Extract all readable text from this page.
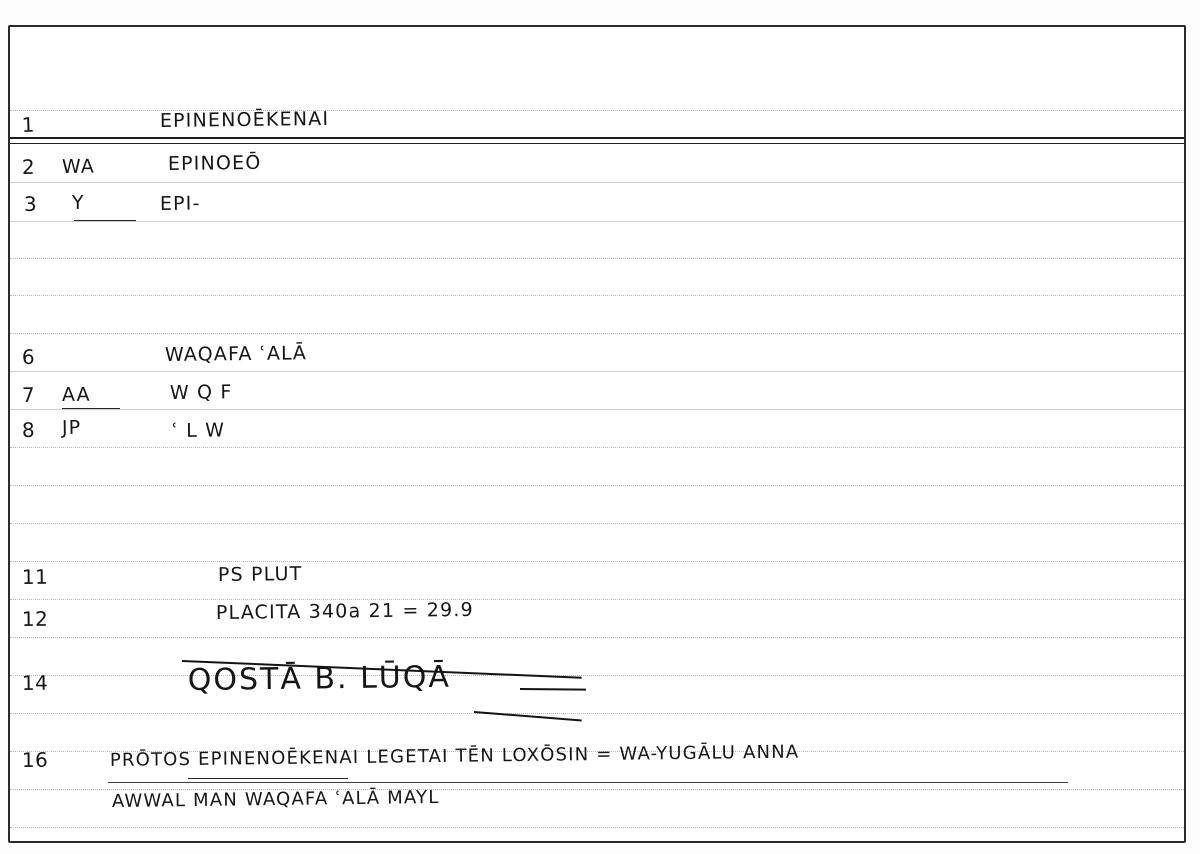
1	EPINENOĒKENAI
2 WA	EPINOEŌ
3 Y	EPI-
6	WAQAFA ʿALĀ
7 AA	W Q F
8 JP	ʿ L W
11	PS PLUT
12	PLACITA 340a 21 = 29.9
14	QOSTĀ B. LŪQĀ
16	PRŌTOS EPINENOĒKENAI LEGETAI TĒN LOXŌSIN = WA-YUGĀLU ANNA
AWWAL MAN WAQAFA ʿALĀ MAYL
